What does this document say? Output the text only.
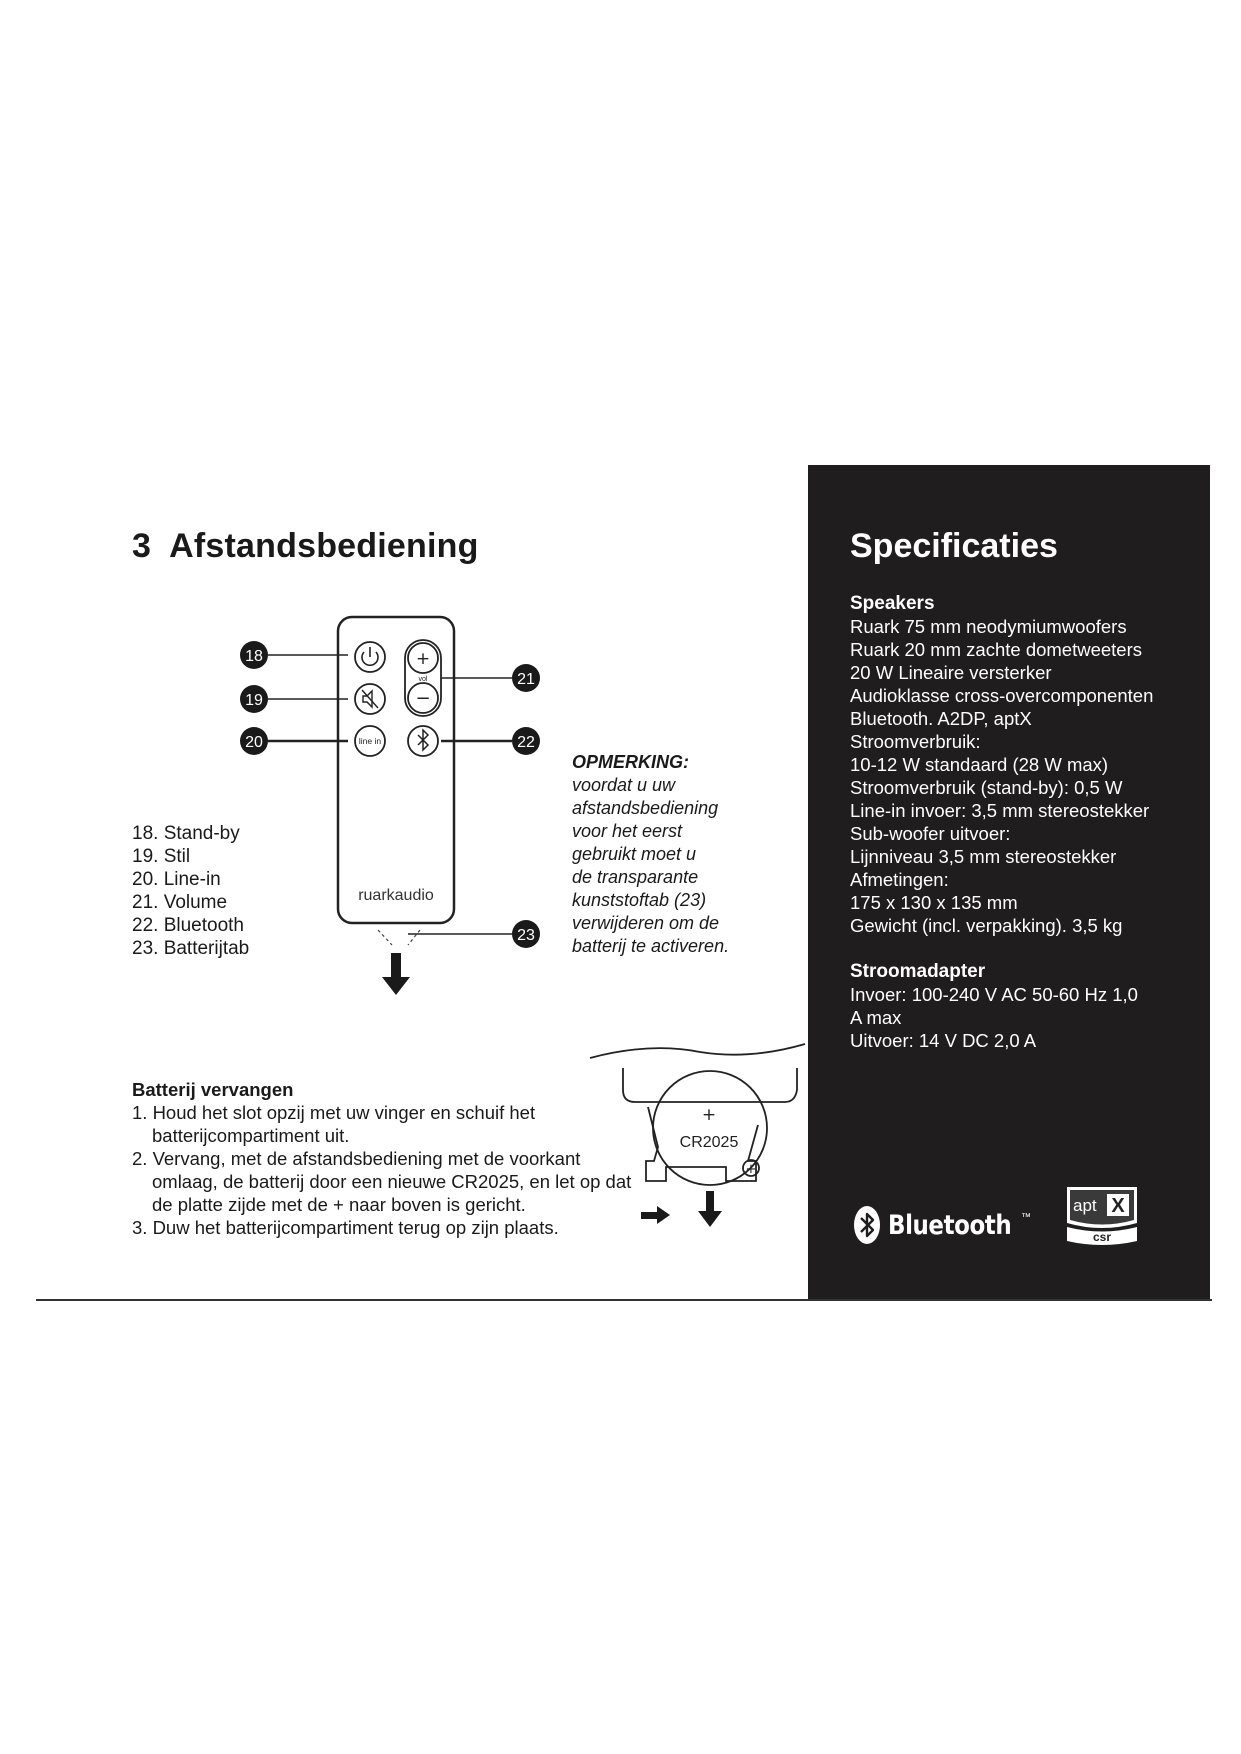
3 Afstandsbediening
line in
+
−
vol
ruarkaudio
18
19
20
21
22
23
+
CR2025
+
18. Stand-by
19. Stil
20. Line-in
21. Volume
22. Bluetooth
23. Batterijtab
OPMERKING:
voordat u uw
afstandsbediening
voor het eerst
gebruikt moet u
de transparante
kunststoftab (23)
verwijderen om de
batterij te activeren.
Batterij vervangen
1. Houd het slot opzij met uw vinger en schuif het batterijcompartiment uit.
2. Vervang, met de afstandsbediening met de voorkant omlaag, de batterij door een nieuwe CR2025, en let op dat de platte zijde met de + naar boven is gericht.
3. Duw het batterijcompartiment terug op zijn plaats.
Specificaties
Speakers
Ruark 75 mm neodymiumwoofers
Ruark 20 mm zachte dometweeters
20 W Lineaire versterker
Audioklasse cross-overcomponenten
Bluetooth. A2DP, aptX
Stroomverbruik:
10-12 W standaard (28 W max)
Stroomverbruik (stand-by): 0,5 W
Line-in invoer: 3,5 mm stereostekker
Sub-woofer uitvoer:
Lijnniveau 3,5 mm stereostekker
Afmetingen:
175 x 130 x 135 mm
Gewicht (incl. verpakking). 3,5 kg
Stroomadapter
Invoer: 100-240 V AC 50-60 Hz 1,0
A max
Uitvoer: 14 V DC 2,0 A
Bluetooth ™
apt X
csr
